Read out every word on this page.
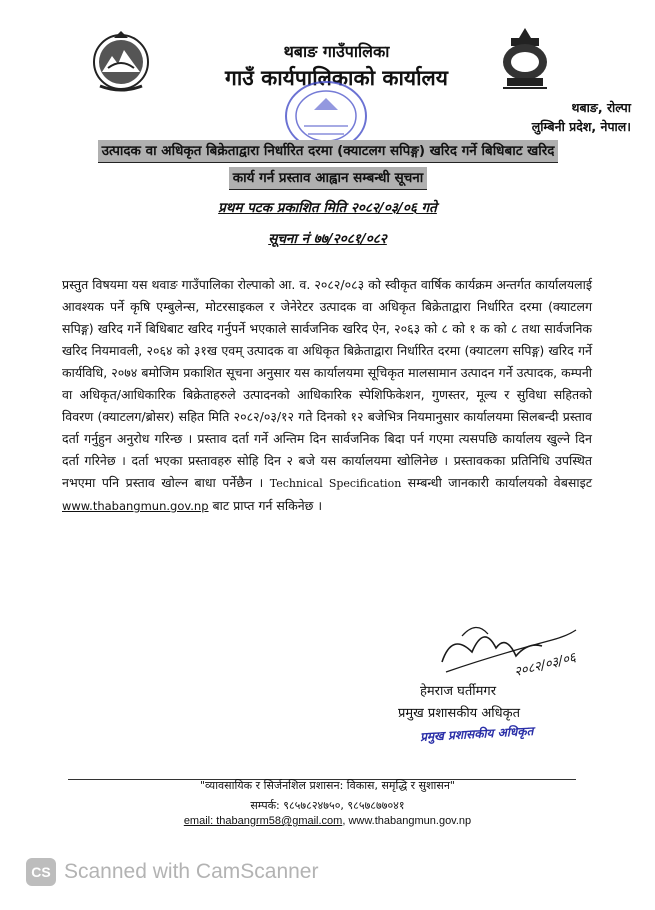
थबाङ गाउँपालिका
गाउँ कार्यपालिकाको कार्यालय
थबाङ, रोल्पा
लुम्बिनी प्रदेश, नेपाल।
उत्पादक वा अधिकृत बिक्रेताद्वारा निर्धारित दरमा (क्याटलग सपिङ्ग) खरिद गर्ने बिधिबाट खरिद
कार्य गर्न प्रस्ताव आह्वान सम्बन्धी सूचना
प्रथम पटक प्रकाशित मिति २०८२/०३/०६ गते
सूचना नं ७७/२०८१/०८२
प्रस्तुत विषयमा यस थवाङ गाउँपालिका रोल्पाको आ. व. २०८२/०८३ को स्वीकृत वार्षिक कार्यक्रम अन्तर्गत कार्यालयलाई आवश्यक पर्ने कृषि एम्बुलेन्स, मोटरसाइकल र जेनेरेटर उत्पादक वा अधिकृत बिक्रेताद्वारा निर्धारित दरमा (क्याटलग सपिङ्ग) खरिद गर्ने बिधिबाट खरिद गर्नुपर्ने भएकाले सार्वजनिक खरिद ऐन, २०६३ को ८ को १ क को ८ तथा सार्वजनिक खरिद नियमावली, २०६४ को ३१ख एवम् उत्पादक वा अधिकृत बिक्रेताद्वारा निर्धारित दरमा (क्याटलग सपिङ्ग) खरिद गर्ने कार्यविधि, २०७४ बमोजिम प्रकाशित सूचना अनुसार यस कार्यालयमा सूचिकृत मालसामान उत्पादन गर्ने उत्पादक, कम्पनी वा अधिकृत/आधिकारिक बिक्रेताहरुले उत्पादनको आधिकारिक स्पेशिफिकेशन, गुणस्तर, मूल्य र सुविधा सहितको विवरण (क्याटलग/ब्रोसर) सहित मिति २०८२/०३/१२ गते दिनको १२ बजेभित्र नियमानुसार कार्यालयमा सिलबन्दी प्रस्ताव दर्ता गर्नुहुन अनुरोध गरिन्छ । प्रस्ताव दर्ता गर्ने अन्तिम दिन सार्वजनिक बिदा पर्न गएमा त्यसपछि कार्यालय खुल्ने दिन दर्ता गरिनेछ । दर्ता भएका प्रस्तावहरु सोहि दिन २ बजे यस कार्यालयमा खोलिनेछ । प्रस्तावकका प्रतिनिधि उपस्थित नभएमा पनि प्रस्ताव खोल्न बाधा पर्नेछैन । Technical Specification सम्बन्धी जानकारी कार्यालयको वेबसाइट www.thabangmun.gov.np बाट प्राप्त गर्न सकिनेछ ।
२०८२/०३/०६
हेमराज घर्तीमगर
प्रमुख प्रशासकीय अधिकृत
प्रमुख प्रशासकीय अधिकृत
"व्यावसायिक र सिर्जनशिल प्रशासन: विकास, समृद्धि र सुशासन"
सम्पर्क: ९८५७८२४७५०, ९८५७८७७०४१
email: thabangrm58@gmail.com, www.thabangmun.gov.np
CS Scanned with CamScanner
